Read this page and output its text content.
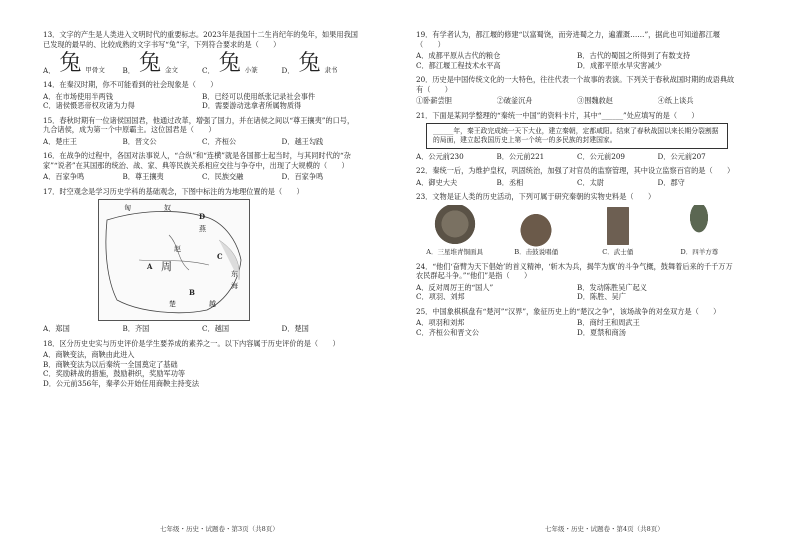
13．文字的产生是人类进入文明时代的重要标志。2023年是我国十二生肖纪年的兔年，如果用我国已发现的最早的、比较成熟的文字书写“兔”字，下列符合要求的是（　　）
A． 兔 甲骨文 B． 兔 金文	C． 兔 小篆	D． 兔 隶书
14．在秦汉时期，你不可能看到的社会现象是（　　）
A．在市场使用半两钱	B．已经可以使用纸张记录社会事件
C．诸侯慑恶帝权攻诸为力得	D．需要游动选拿者所属物质得
15．春秋时期有一位诸侯国国君，他通过改革，增强了国力，并在诸侯之间以“尊王攘夷”的口号，九合诸侯，成为第一个中原霸主。这位国君是（　　）
A．楚庄王	B．晋文公	C．齐桓公	D．越王勾践
16．在战争的过程中，各国对法事说人，“合纵”和“连横”就是各国都士起当时，与其同时代的“杂家”“说者”在其国那的统治、战、家、典等民族关系相应交往与争夺中，出现了大规模的（　　）
A．百家争鸣	B．尊王攘夷	C．民族交融	D．百家争鸣
17．时空观念是学习历史学科的基础观念，下图中标注的为地理位置的是（　　）
匈	奴
燕
赵
周
A
B
C
D
楚	越
东
海
A．郑国	B．齐国	C．越国	D．楚国
18．区分历史史实与历史评价是学生要养成的素养之一。以下内容属于历史评价的是（　　）
A．商鞅变法，商鞅由此进入
B．商鞅变法为以后秦统一全国奠定了基础
C．奖励耕战的措施，鼓励耕织，奖励军功等
D．公元前356年，秦孝公开始任用商鞅主持变法
七年级・历史・试题卷・第3页（共8页）
19．有学者认为，都江堰的修建“以富蜀饶，而旁进蜀之力，遍灌溉……”，据此也可知道都江堰（　　）
A．成都平原从古代的粮仓	B．古代的蜀国之所得到了有数支持
C．都江堰工程技术水平高	D．成都平原水旱灾害减少
20．历史是中国传统文化的一大特色，往往代表一个故事的表演。下列关于春秋战国时期的成语典故有（　　）
①卧薪尝胆	②破釜沉舟	③围魏救赵	④纸上谈兵
21．下面是某同学整理的“秦统一中国”的资料卡片，其中“______”处应填写的是（　　）
______年，秦王政完成统一天下大业，建立秦朝，定都咸阳。结束了春秋战国以来长期分裂割据的局面，建立起我国历史上第一个统一的多民族的封建国家。
A．公元前230	B．公元前221	C．公元前209	D．公元前207
22．秦统一后，为维护皇权，巩固统治，加强了对官员的监察管理，其中设立监察百官的是（　　）
A．御史大夫	B．丞相	C．太尉	D．郡守
23．文物是证人类的历史活动，下列可属于研究秦朝的实物史料是（　　）
A．三星堆青铜面具	B．击鼓说唱俑	C．武士俑	D．四羊方尊
24．“他们‘奋臂为天下倡始’的首义精神，‘斩木为兵，揭竿为旗’的斗争气概，鼓舞着后来的千千万万农民群起斗争。”“他们”是指（　　）
A．反对周厉王的“国人”	B．发动陈胜吴广起义
C．项羽、刘邦	D．陈胜、吴广
25．中国象棋棋盘有“楚河”“汉界”，象征历史上的“楚汉之争”，该场战争的对垒双方是（　　）
A．项羽和刘邦	B．商纣王和周武王
C．齐桓公和晋文公	D．夏禁和商汤
七年级・历史・试题卷・第4页（共8页）
